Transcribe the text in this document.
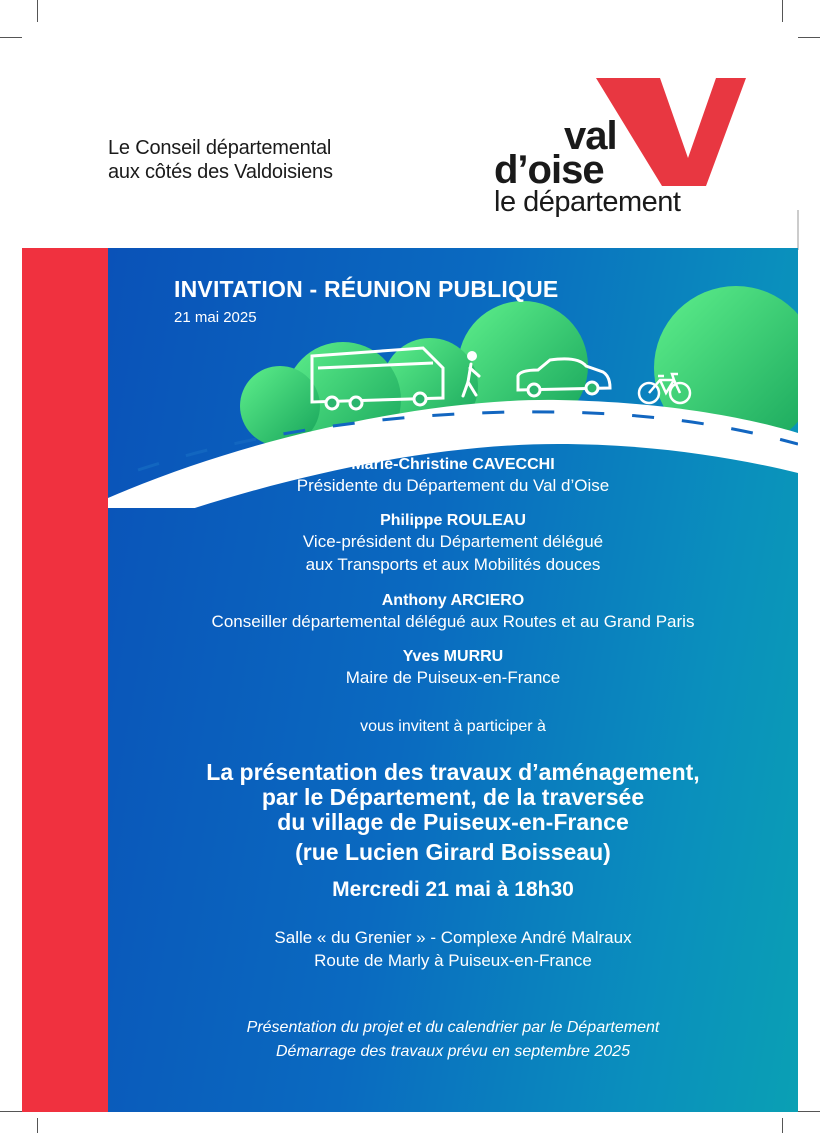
Le Conseil départemental
aux côtés des Valdoisiens
val
d’oise
le département
INVITATION - RÉUNION PUBLIQUE
21 mai 2025
Marie-Christine CAVECCHI
Présidente du Département du Val d’Oise
Philippe ROULEAU
Vice-président du Département délégué
aux Transports et aux Mobilités douces
Anthony ARCIERO
Conseiller départemental délégué aux Routes et au Grand Paris
Yves MURRU
Maire de Puiseux-en-France
vous invitent à participer à
La présentation des travaux d’aménagement,
par le Département, de la traversée
du village de Puiseux-en-France
(rue Lucien Girard Boisseau)
Mercredi 21 mai à 18h30
Salle « du Grenier » - Complexe André Malraux
Route de Marly à Puiseux-en-France
Présentation du projet et du calendrier par le Département
Démarrage des travaux prévu en septembre 2025
